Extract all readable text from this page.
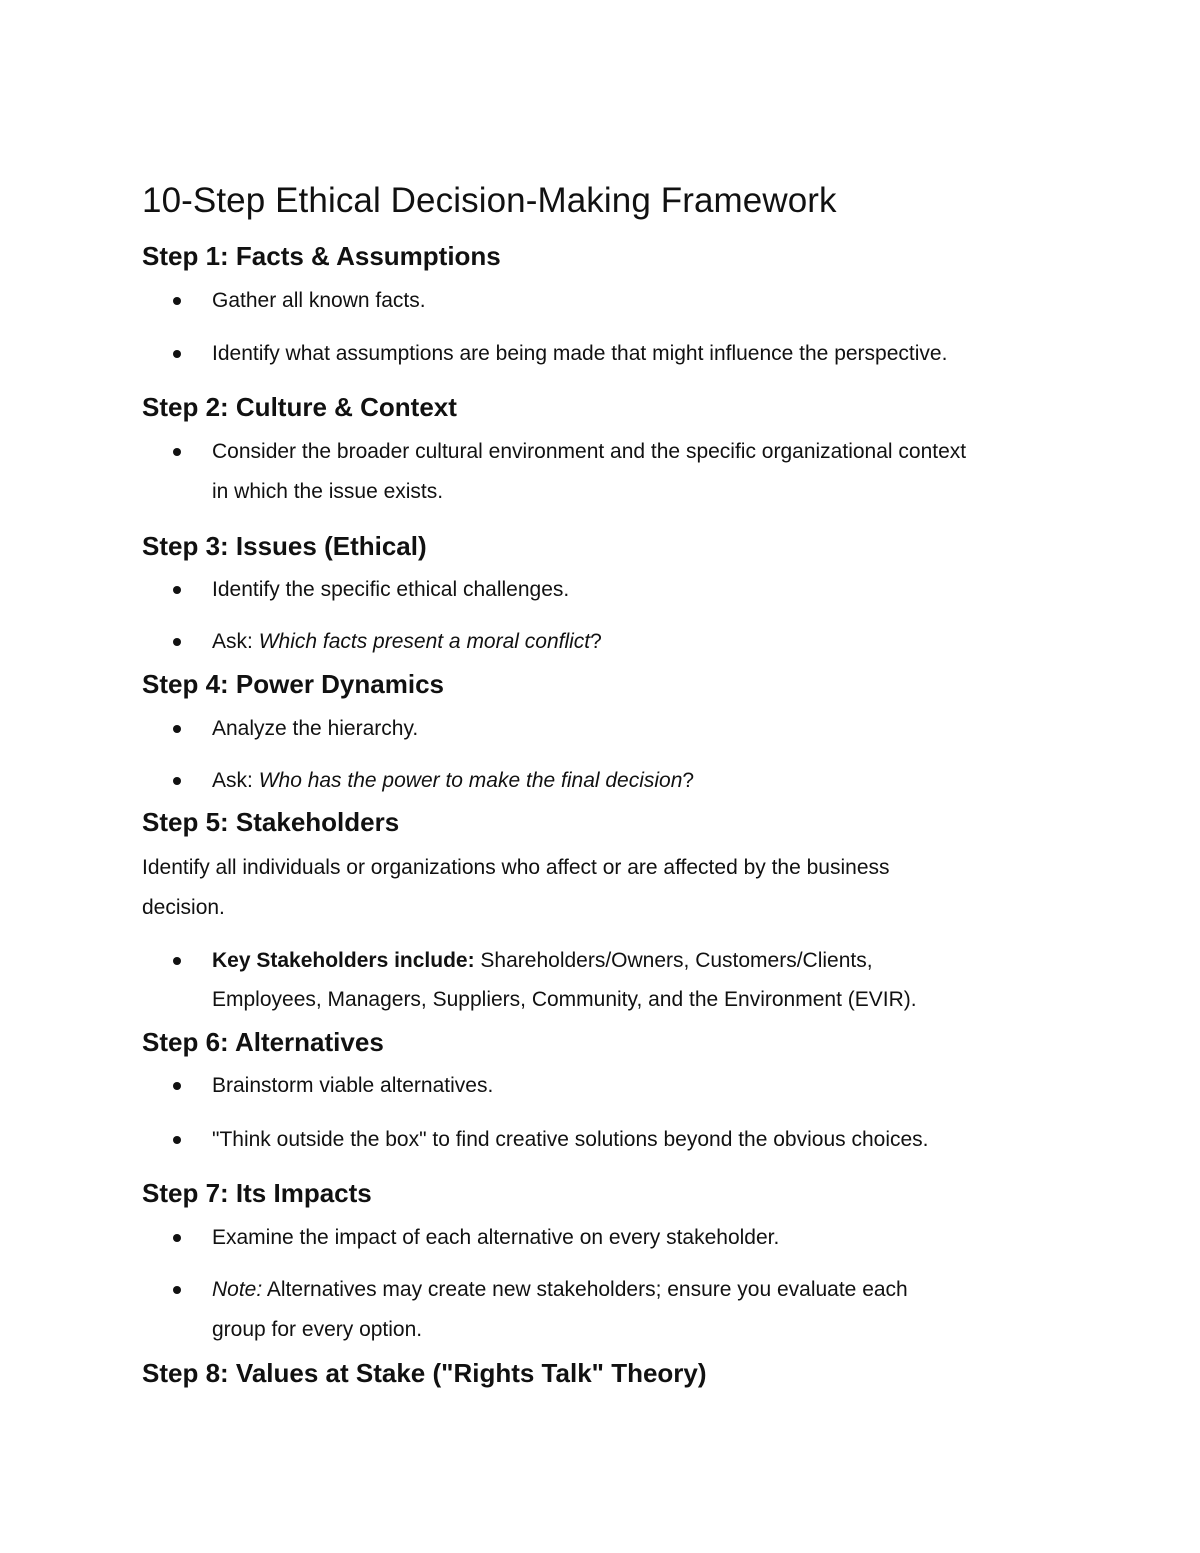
10-Step Ethical Decision-Making Framework
Step 1: Facts & Assumptions

Gather all known facts.

Identify what assumptions are being made that might influence the perspective.

Step 2: Culture & Context

Consider the broader cultural environment and the specific organizational context

in which the issue exists.

Step 3: Issues (Ethical)

Identify the specific ethical challenges.

Ask: Which facts present a moral conflict?

Step 4: Power Dynamics

Analyze the hierarchy.

Ask: Who has the power to make the final decision?

Step 5: Stakeholders

Identify all individuals or organizations who affect or are affected by the business

decision.

Key Stakeholders include: Shareholders/Owners, Customers/Clients,

Employees, Managers, Suppliers, Community, and the Environment (EVIR).

Step 6: Alternatives

Brainstorm viable alternatives.

"Think outside the box" to find creative solutions beyond the obvious choices.

Step 7: Its Impacts

Examine the impact of each alternative on every stakeholder.

Note: Alternatives may create new stakeholders; ensure you evaluate each

group for every option.

Step 8: Values at Stake ("Rights Talk" Theory)
